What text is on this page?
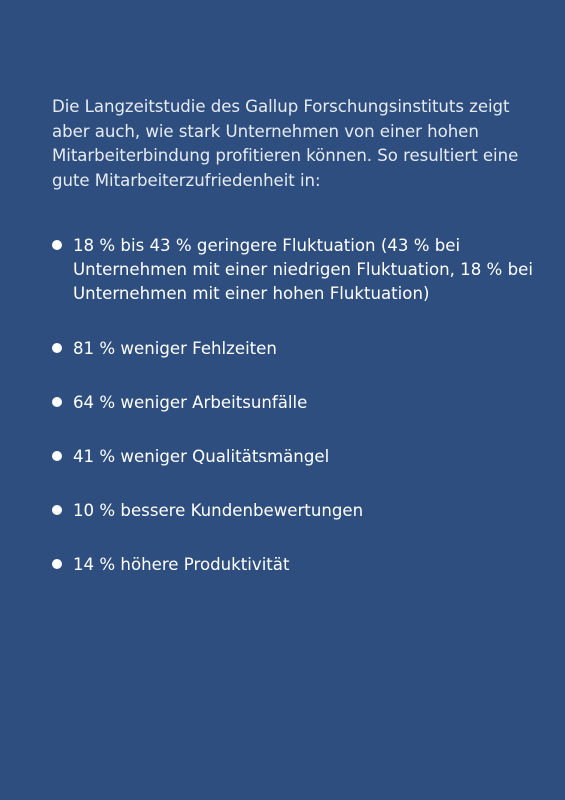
Die Langzeitstudie des Gallup Forschungsinstituts zeigt aber auch, wie stark Unternehmen von einer hohen Mitarbeiterbindung profitieren können. So resultiert eine gute Mitarbeiterzufriedenheit in:

18 % bis 43 % geringere Fluktuation (43 % bei Unternehmen mit einer niedrigen Fluktuation, 18 % bei Unternehmen mit einer hohen Fluktuation)
81 % weniger Fehlzeiten
64 % weniger Arbeitsunfälle
41 % weniger Qualitätsmängel
10 % bessere Kundenbewertungen
14 % höhere Produktivität
